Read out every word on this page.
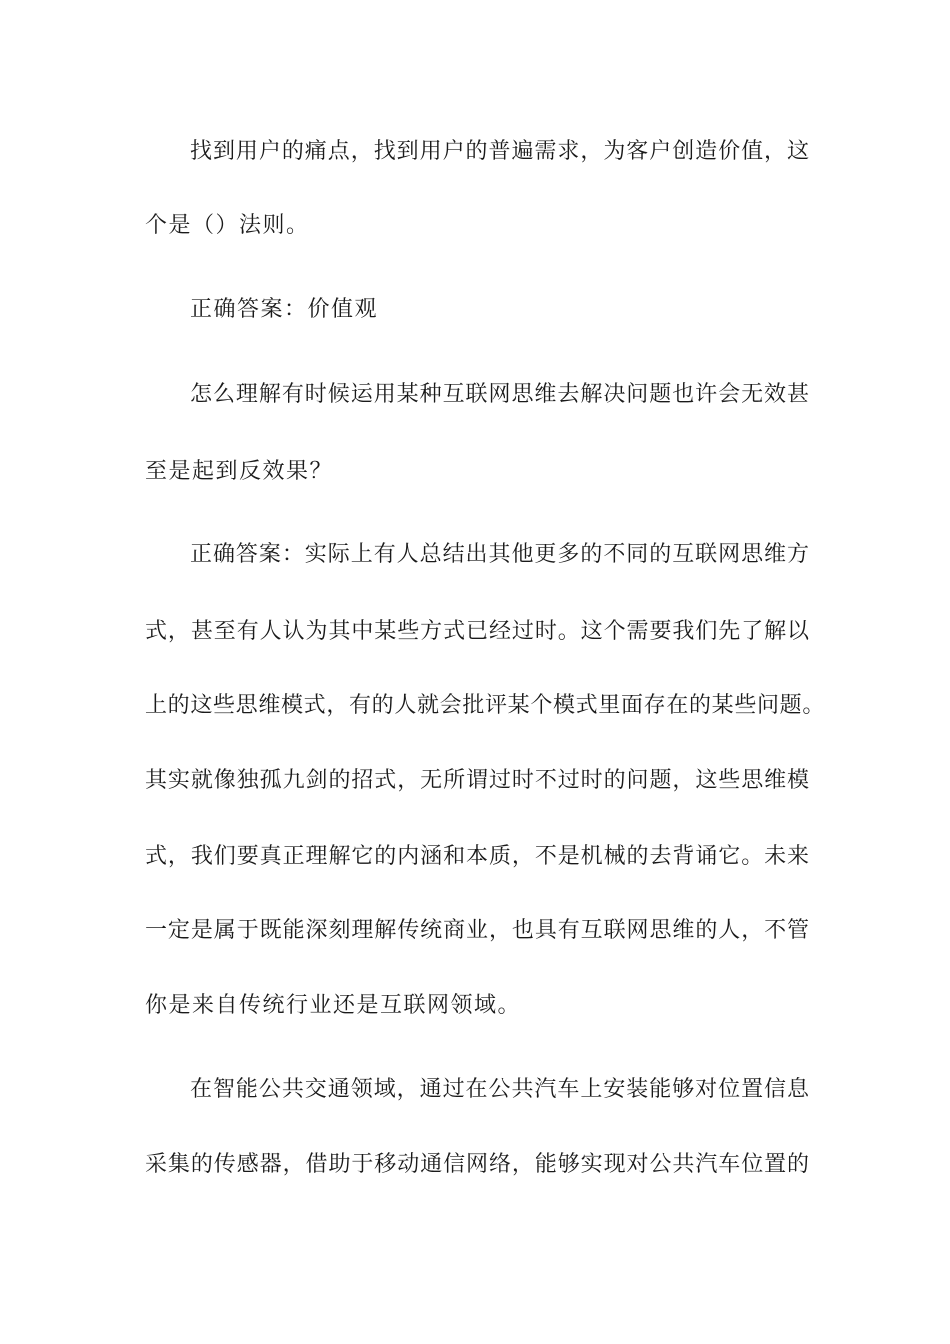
找到用户的痛点，找到用户的普遍需求，为客户创造价值，这
个是（）法则。
正确答案：价值观
怎么理解有时候运用某种互联网思维去解决问题也许会无效甚
至是起到反效果？
正确答案：实际上有人总结出其他更多的不同的互联网思维方
式，甚至有人认为其中某些方式已经过时。这个需要我们先了解以
上的这些思维模式，有的人就会批评某个模式里面存在的某些问题。
其实就像独孤九剑的招式，无所谓过时不过时的问题，这些思维模
式，我们要真正理解它的内涵和本质，不是机械的去背诵它。未来
一定是属于既能深刻理解传统商业，也具有互联网思维的人，不管
你是来自传统行业还是互联网领域。
在智能公共交通领域，通过在公共汽车上安装能够对位置信息
采集的传感器，借助于移动通信网络，能够实现对公共汽车位置的
